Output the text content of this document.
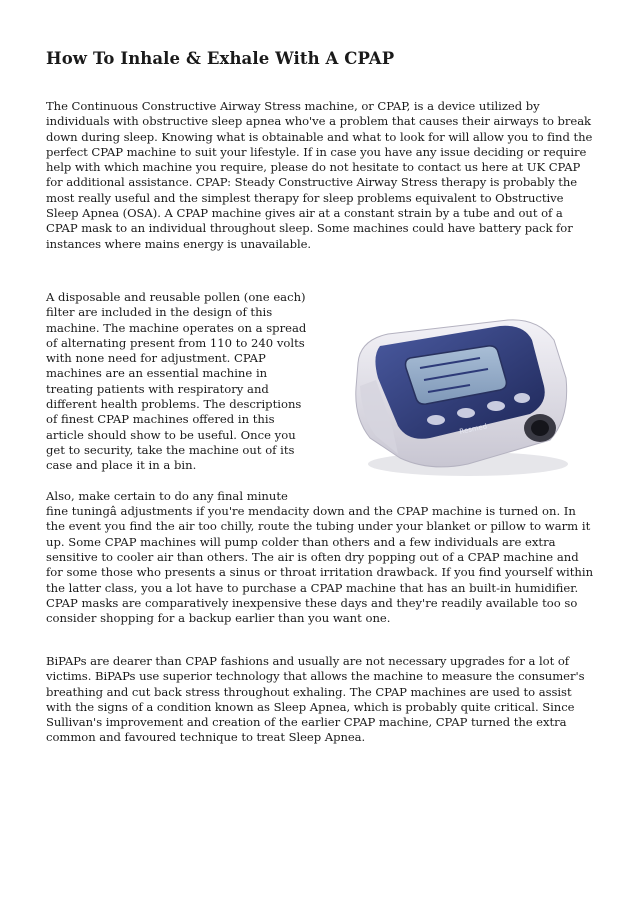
How To Inhale & Exhale With A CPAP

The Continuous Constructive Airway Stress machine, or CPAP, is a device utilized by individuals with obstructive sleep apnea who've a problem that causes their airways to break down during sleep. Knowing what is obtainable and what to look for will allow you to find the perfect CPAP machine to suit your lifestyle. If in case you have any issue deciding or require help with which machine you require, please do not hesitate to contact us here at UK CPAP for additional assistance. CPAP: Steady Constructive Airway Stress therapy is probably the most really useful and the simplest therapy for sleep problems equivalent to Obstructive Sleep Apnea (OSA). A CPAP machine gives air at a constant strain by a tube and out of a CPAP mask to an individual throughout sleep. Some machines could have battery pack for instances where mains energy is unavailable.

Resmed

A disposable and reusable pollen (one each) filter are included in the design of this machine. The machine operates on a spread of alternating present from 110 to 240 volts with none need for adjustment. CPAP machines are an essential machine in treating patients with respiratory and different health problems. The descriptions of finest CPAP machines offered in this article should show to be useful. Once you get to security, take the machine out of its case and place it in a bin.

Also, make certain to do any final minute fine tuningâ adjustments if you're mendacity down and the CPAP machine is turned on. In the event you find the air too chilly, route the tubing under your blanket or pillow to warm it up. Some CPAP machines will pump colder than others and a few individuals are extra sensitive to cooler air than others. The air is often dry popping out of a CPAP machine and for some those who presents a sinus or throat irritation drawback. If you find yourself within the latter class, you a lot have to purchase a CPAP machine that has an built-in humidifier. CPAP masks are comparatively inexpensive these days and they're readily available too so consider shopping for a backup earlier than you want one.

BiPAPs are dearer than CPAP fashions and usually are not necessary upgrades for a lot of victims. BiPAPs use superior technology that allows the machine to measure the consumer's breathing and cut back stress throughout exhaling. The CPAP machines are used to assist with the signs of a condition known as Sleep Apnea, which is probably quite critical. Since Sullivan's improvement and creation of the earlier CPAP machine, CPAP turned the extra common and favoured technique to treat Sleep Apnea.
